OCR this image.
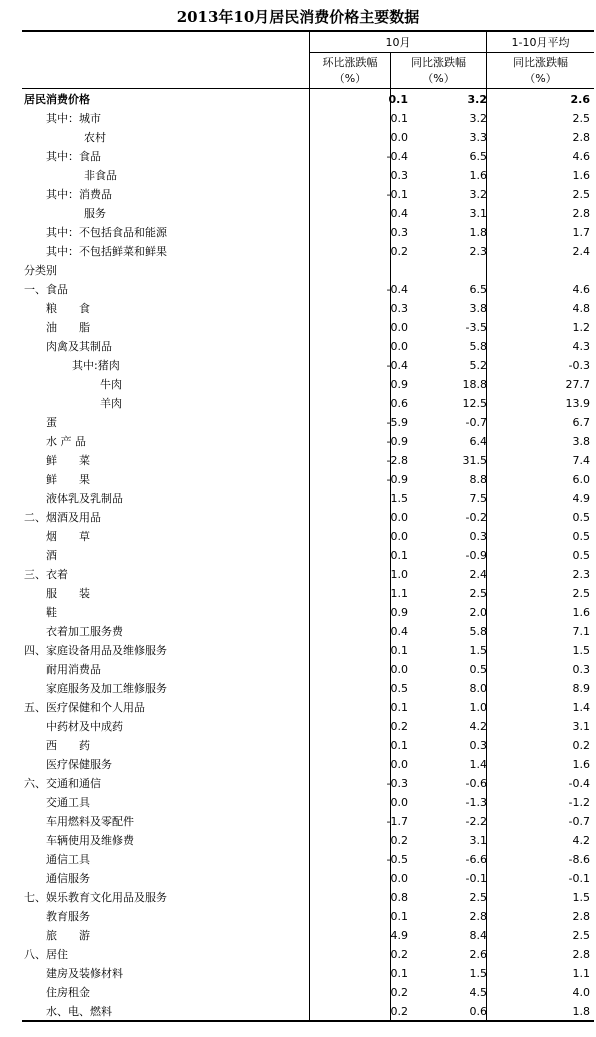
2013年10月居民消费价格主要数据
10月	1-10月平均
环比涨跌幅
（%）
同比涨跌幅
（%）
同比涨跌幅
（%）
居民消费价格	0.1	3.2	2.6
其中：城市	0.1	3.2	2.5
农村	0.0	3.3	2.8
其中：食品	-0.4	6.5	4.6
非食品	0.3	1.6	1.6
其中：消费品	-0.1	3.2	2.5
服务	0.4	3.1	2.8
其中：不包括食品和能源	0.3	1.8	1.7
其中：不包括鲜菜和鲜果	0.2	2.3	2.4
分类别
一、食品	-0.4	6.5	4.6
粮　　食	0.3	3.8	4.8
油　　脂	0.0	-3.5	1.2
肉禽及其制品	0.0	5.8	4.3
其中:猪肉	-0.4	5.2	-0.3
牛肉	0.9	18.8	27.7
羊肉	0.6	12.5	13.9
蛋	-5.9	-0.7	6.7
水 产 品	-0.9	6.4	3.8
鲜　　菜	-2.8	31.5	7.4
鲜　　果	-0.9	8.8	6.0
液体乳及乳制品	1.5	7.5	4.9
二、烟酒及用品	0.0	-0.2	0.5
烟　　草	0.0	0.3	0.5
酒	0.1	-0.9	0.5
三、衣着	1.0	2.4	2.3
服　　装	1.1	2.5	2.5
鞋	0.9	2.0	1.6
衣着加工服务费	0.4	5.8	7.1
四、家庭设备用品及维修服务	0.1	1.5	1.5
耐用消费品	0.0	0.5	0.3
家庭服务及加工维修服务	0.5	8.0	8.9
五、医疗保健和个人用品	0.1	1.0	1.4
中药材及中成药	0.2	4.2	3.1
西　　药	0.1	0.3	0.2
医疗保健服务	0.0	1.4	1.6
六、交通和通信	-0.3	-0.6	-0.4
交通工具	0.0	-1.3	-1.2
车用燃料及零配件	-1.7	-2.2	-0.7
车辆使用及维修费	0.2	3.1	4.2
通信工具	-0.5	-6.6	-8.6
通信服务	0.0	-0.1	-0.1
七、娱乐教育文化用品及服务	0.8	2.5	1.5
教育服务	0.1	2.8	2.8
旅　　游	4.9	8.4	2.5
八、居住	0.2	2.6	2.8
建房及装修材料	0.1	1.5	1.1
住房租金	0.2	4.5	4.0
水、电、燃料	0.2	0.6	1.8
